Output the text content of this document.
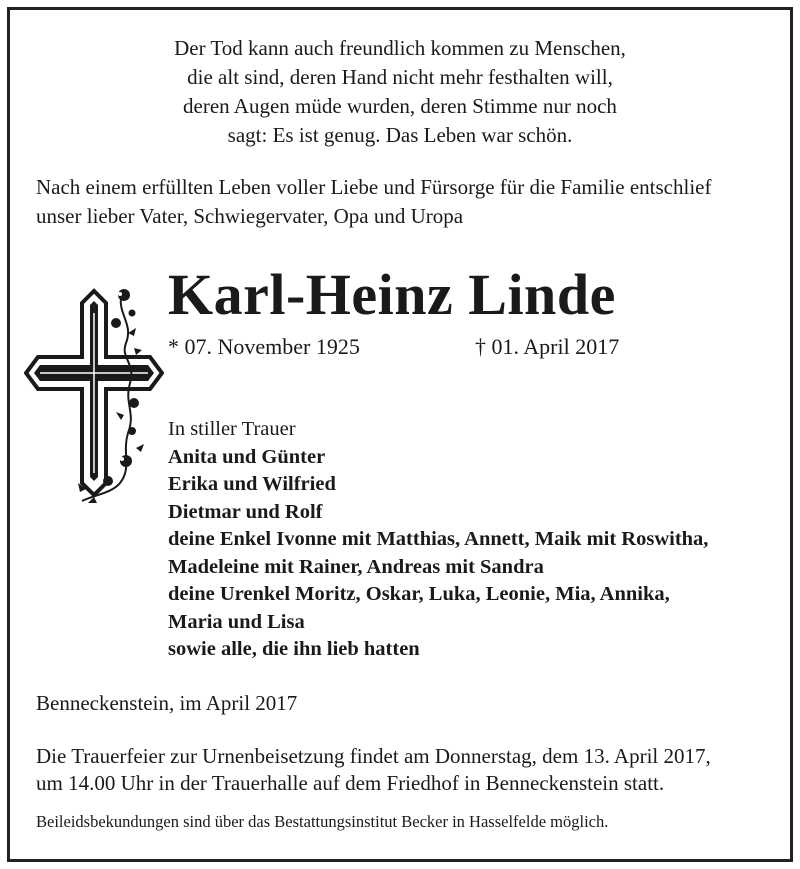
Der Tod kann auch freundlich kommen zu Menschen,
die alt sind, deren Hand nicht mehr festhalten will,
deren Augen müde wurden, deren Stimme nur noch
sagt: Es ist genug. Das Leben war schön.
Nach einem erfüllten Leben voller Liebe und Fürsorge für die Familie entschlief
unser lieber Vater, Schwiegervater, Opa und Uropa
Karl-Heinz Linde
* 07. November 1925	† 01. April 2017
In stiller Trauer
Anita und Günter
Erika und Wilfried
Dietmar und Rolf
deine Enkel Ivonne mit Matthias, Annett, Maik mit Roswitha,
Madeleine mit Rainer, Andreas mit Sandra
deine Urenkel Moritz, Oskar, Luka, Leonie, Mia, Annika,
Maria und Lisa
sowie alle, die ihn lieb hatten
Benneckenstein, im April 2017
Die Trauerfeier zur Urnenbeisetzung findet am Donnerstag, dem 13. April 2017,
um 14.00 Uhr in der Trauerhalle auf dem Friedhof in Benneckenstein statt.
Beileidsbekundungen sind über das Bestattungsinstitut Becker in Hasselfelde möglich.
